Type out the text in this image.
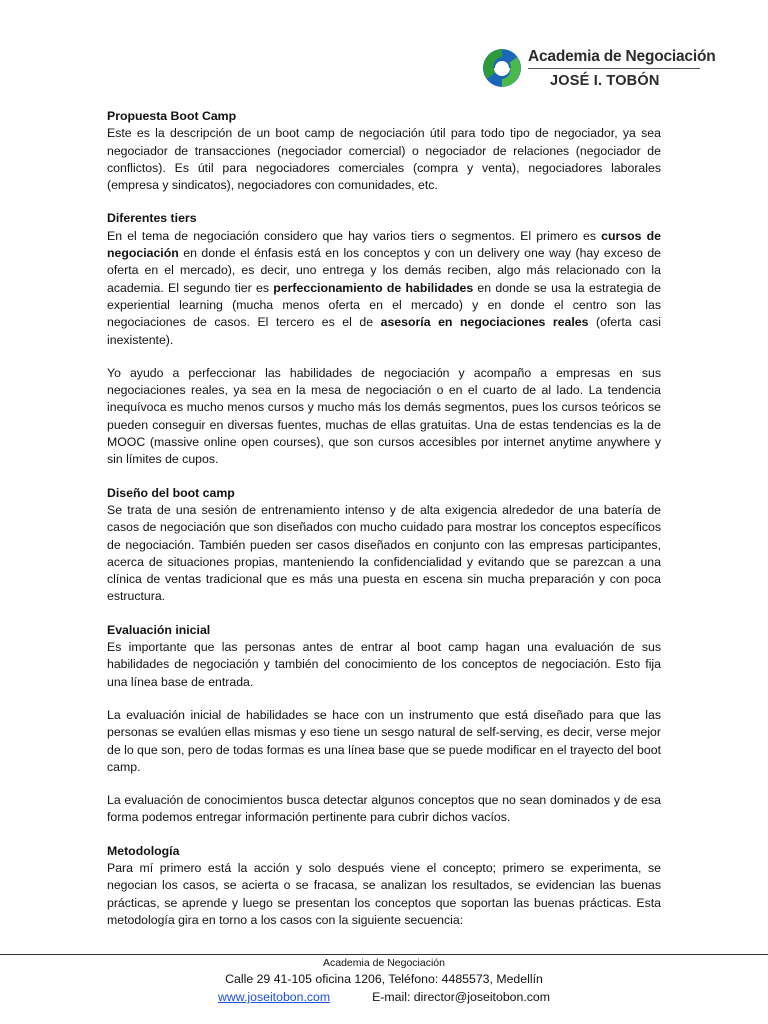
Academia de Negociación
JOSÉ I. TOBÓN
Propuesta Boot Camp

Este es la descripción de un boot camp de negociación útil para todo tipo de negociador, ya sea negociador de transacciones (negociador comercial) o negociador de relaciones (negociador de conflictos). Es útil para negociadores comerciales (compra y venta), negociadores laborales (empresa y sindicatos), negociadores con comunidades, etc.

Diferentes tiers

En el tema de negociación considero que hay varios tiers o segmentos. El primero es cursos de negociación en donde el énfasis está en los conceptos y con un delivery one way (hay exceso de oferta en el mercado), es decir, uno entrega y los demás reciben, algo más relacionado con la academia. El segundo tier es perfeccionamiento de habilidades en donde se usa la estrategia de experiential learning (mucha menos oferta en el mercado) y en donde el centro son las negociaciones de casos. El tercero es el de asesoría en negociaciones reales (oferta casi inexistente).

Yo ayudo a perfeccionar las habilidades de negociación y acompaño a empresas en sus negociaciones reales, ya sea en la mesa de negociación o en el cuarto de al lado. La tendencia inequívoca es mucho menos cursos y mucho más los demás segmentos, pues los cursos teóricos se pueden conseguir en diversas fuentes, muchas de ellas gratuitas. Una de estas tendencias es la de MOOC (massive online open courses), que son cursos accesibles por internet anytime anywhere y sin límites de cupos.

Diseño del boot camp

Se trata de una sesión de entrenamiento intenso y de alta exigencia alrededor de una batería de casos de negociación que son diseñados con mucho cuidado para mostrar los conceptos específicos de negociación. También pueden ser casos diseñados en conjunto con las empresas participantes, acerca de situaciones propias, manteniendo la confidencialidad y evitando que se parezcan a una clínica de ventas tradicional que es más una puesta en escena sin mucha preparación y con poca estructura.

Evaluación inicial

Es importante que las personas antes de entrar al boot camp hagan una evaluación de sus habilidades de negociación y también del conocimiento de los conceptos de negociación. Esto fija una línea base de entrada.

La evaluación inicial de habilidades se hace con un instrumento que está diseñado para que las personas se evalúen ellas mismas y eso tiene un sesgo natural de self-serving, es decir, verse mejor de lo que son, pero de todas formas es una línea base que se puede modificar en el trayecto del boot camp.

La evaluación de conocimientos busca detectar algunos conceptos que no sean dominados y de esa forma podemos entregar información pertinente para cubrir dichos vacíos.

Metodología

Para mí primero está la acción y solo después viene el concepto; primero se experimenta, se negocian los casos, se acierta o se fracasa, se analizan los resultados, se evidencian las buenas prácticas, se aprende y luego se presentan los conceptos que soportan las buenas prácticas. Esta metodología gira en torno a los casos con la siguiente secuencia:

Academia de Negociación
Calle 29 41-105 oficina 1206, Teléfono: 4485573, Medellín
www.joseitobon.com	E-mail: director@joseitobon.com
